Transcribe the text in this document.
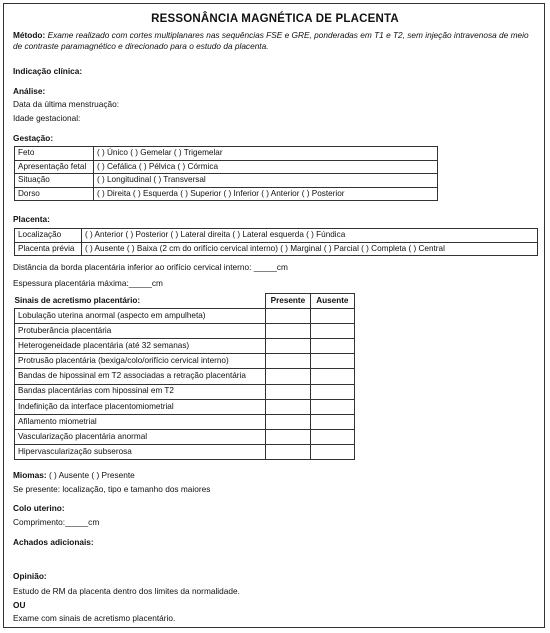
RESSONÂNCIA MAGNÉTICA DE PLACENTA
Método: Exame realizado com cortes multiplanares nas sequências FSE e GRE, ponderadas em T1 e T2, sem injeção intravenosa de meio de contraste paramagnético e direcionado para o estudo da placenta.
Indicação clínica:
Análise:
Data da última menstruação:
Idade gestacional:
Gestação:
Feto	( ) Único ( ) Gemelar ( ) Trigemelar
Apresentação fetal	( ) Cefálica ( ) Pélvica ( ) Córmica
Situação	( ) Longitudinal ( ) Transversal
Dorso	( ) Direita ( ) Esquerda ( ) Superior ( ) Inferior ( ) Anterior ( ) Posterior
Placenta:
Localização	( ) Anterior ( ) Posterior ( ) Lateral direita ( ) Lateral esquerda ( ) Fúndica
Placenta prévia	( ) Ausente ( ) Baixa (2 cm do orifício cervical interno) ( ) Marginal ( ) Parcial ( ) Completa ( ) Central
Distância da borda placentária inferior ao orifício cervical interno: _____cm
Espessura placentária máxima:_____cm
Sinais de acretismo placentário:	Presente	Ausente
Lobulação uterina anormal (aspecto em ampulheta)		
Protuberância placentária		
Heterogeneidade placentária (até 32 semanas)		
Protrusão placentária (bexiga/colo/orifício cervical interno)		
Bandas de hipossinal em T2 associadas a retração placentária		
Bandas placentárias com hipossinal em T2		
Indefinição da interface placentomiometrial		
Afilamento miometrial		
Vascularização placentária anormal		
Hipervascularização subserosa		
Miomas: ( ) Ausente ( ) Presente
Se presente: localização, tipo e tamanho dos maiores
Colo uterino:
Comprimento:_____cm
Achados adicionais:
Opinião:
Estudo de RM da placenta dentro dos limites da normalidade.
OU
Exame com sinais de acretismo placentário.
